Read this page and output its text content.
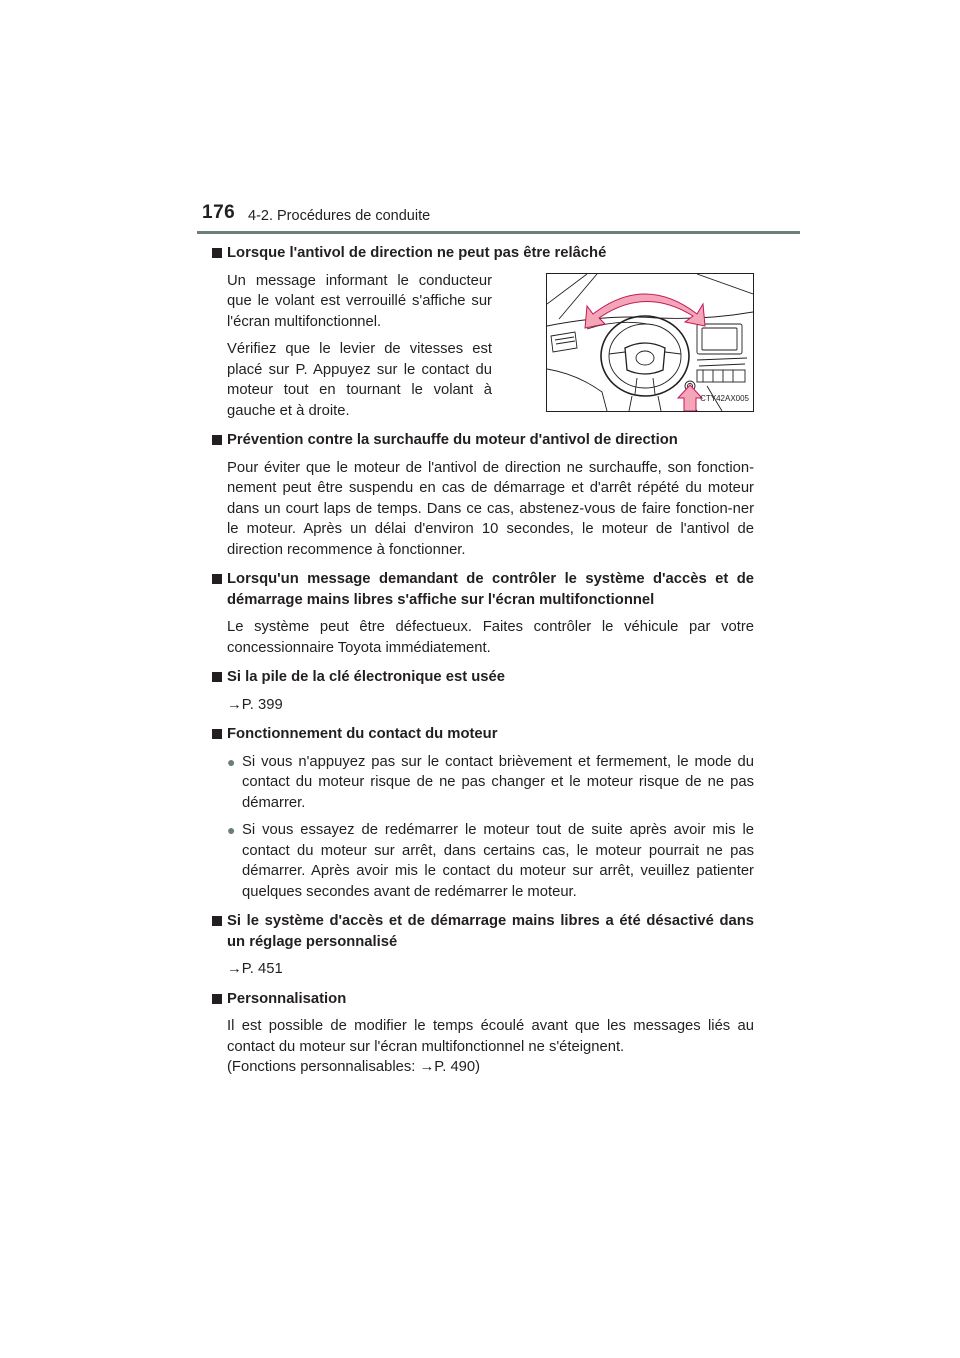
176 4-2. Procédures de conduite
Lorsque l'antivol de direction ne peut pas être relâché

Un message informant le conducteur que le volant est verrouillé s'affiche sur l'écran multifonctionnel.

Vérifiez que le levier de vitesses est placé sur P. Appuyez sur le contact du moteur tout en tournant le volant à gauche et à droite.

CTY42AX005
Prévention contre la surchauffe du moteur d'antivol de direction

Pour éviter que le moteur de l'antivol de direction ne surchauffe, son fonction-nement peut être suspendu en cas de démarrage et d'arrêt répété du moteur dans un court laps de temps. Dans ce cas, abstenez-vous de faire fonction-ner le moteur. Après un délai d'environ 10 secondes, le moteur de l'antivol de direction recommence à fonctionner.

Lorsqu'un message demandant de contrôler le système d'accès et de démarrage mains libres s'affiche sur l'écran multifonctionnel

Le système peut être défectueux. Faites contrôler le véhicule par votre concessionnaire Toyota immédiatement.

Si la pile de la clé électronique est usée

→P. 399

Fonctionnement du contact du moteur
● Si vous n'appuyez pas sur le contact brièvement et fermement, le mode du contact du moteur risque de ne pas changer et le moteur risque de ne pas démarrer.
● Si vous essayez de redémarrer le moteur tout de suite après avoir mis le contact du moteur sur arrêt, dans certains cas, le moteur pourrait ne pas démarrer. Après avoir mis le contact du moteur sur arrêt, veuillez patienter quelques secondes avant de redémarrer le moteur.
Si le système d'accès et de démarrage mains libres a été désactivé dans un réglage personnalisé

→P. 451

Personnalisation

Il est possible de modifier le temps écoulé avant que les messages liés au contact du moteur sur l'écran multifonctionnel ne s'éteignent.

(Fonctions personnalisables: →P. 490)
